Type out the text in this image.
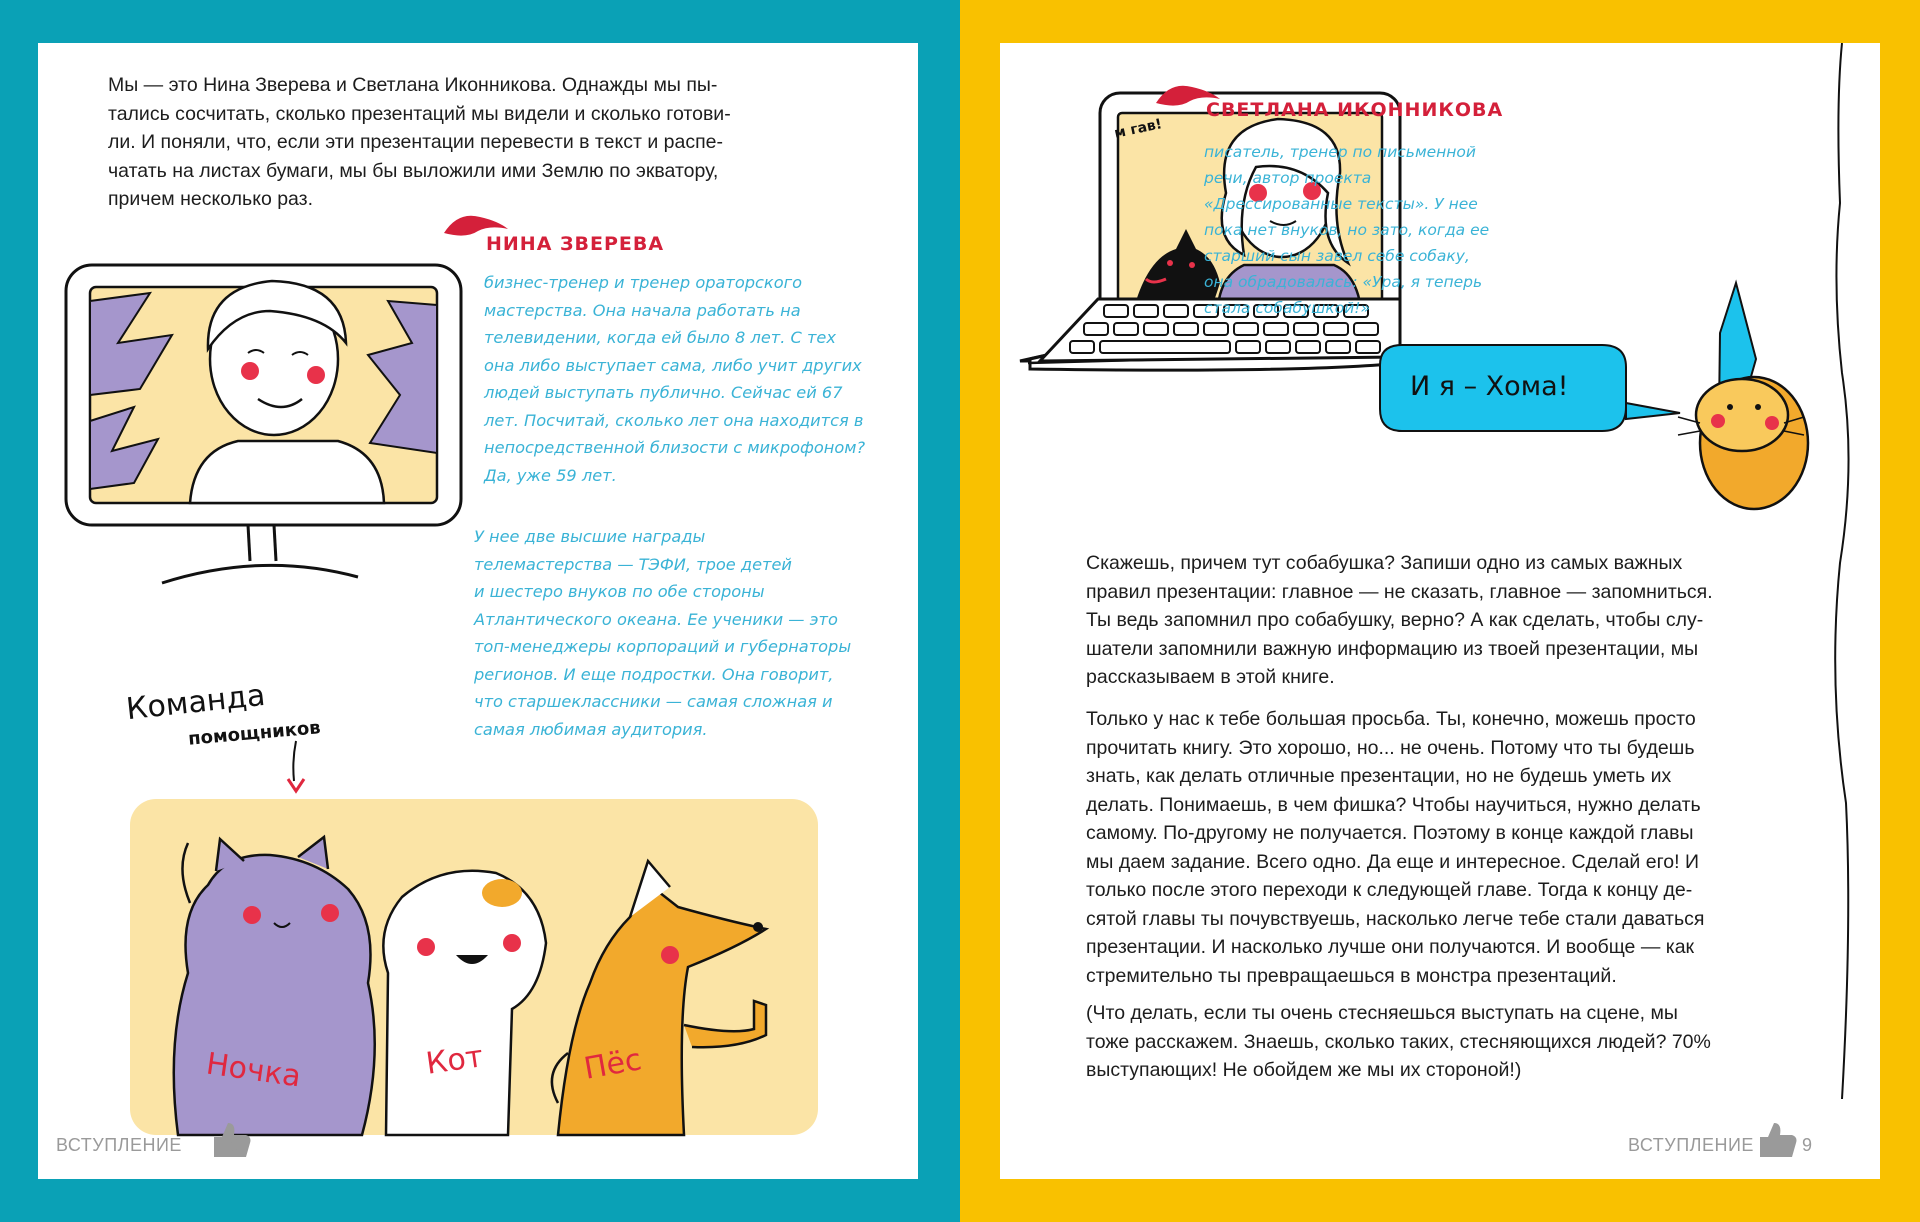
Мы — это Нина Зверева и Светлана Иконникова. Однажды мы пы-
тались сосчитать, сколько презентаций мы видели и сколько готови-
ли. И поняли, что, если эти презентации перевести в текст и распе-
чатать на листах бумаги, мы бы выложили ими Землю по экватору,
причем несколько раз.
НИНА ЗВЕРЕВА
бизнес-тренер и тренер ораторского
мастерства. Она начала работать на
телевидении, когда ей было 8 лет. С тех
она либо выступает сама, либо учит других
людей выступать публично. Сейчас ей 67
лет. Посчитай, сколько лет она находится в
непосредственной близости с микрофоном?
Да, уже 59 лет.
У нее две высшие награды
телемастерства — ТЭФИ, трое детей
и шестеро внуков по обе стороны
Атлантического океана. Ее ученики — это
топ-менеджеры корпораций и губернаторы
регионов. И еще подростки. Она говорит,
что старшеклассники — самая сложная и
самая любимая аудитория.
Команда
помощников
Ночка	Кот	Пёс
ВСТУПЛЕНИЕ	8
СВЕТЛАНА ИКОННИКОВА
м гав!
писатель, тренер по письменной
речи, автор проекта
«Дрессированные тексты». У нее
пока нет внуков, но зато, когда ее
старший сын завел себе собаку,
она обрадовалась: «Ура, я теперь
стала собабушкой!»
И я – Хома!
Скажешь, причем тут собабушка? Запиши одно из самых важных
правил презентации: главное — не сказать, главное — запомниться.
Ты ведь запомнил про собабушку, верно? А как сделать, чтобы слу-
шатели запомнили важную информацию из твоей презентации, мы
рассказываем в этой книге.
Только у нас к тебе большая просьба. Ты, конечно, можешь просто
прочитать книгу. Это хорошо, но... не очень. Потому что ты будешь
знать, как делать отличные презентации, но не будешь уметь их
делать. Понимаешь, в чем фишка? Чтобы научиться, нужно делать
самому. По-другому не получается. Поэтому в конце каждой главы
мы даем задание. Всего одно. Да еще и интересное. Сделай его! И
только после этого переходи к следующей главе. Тогда к концу де-
сятой главы ты почувствуешь, насколько легче тебе стали даваться
презентации. И насколько лучше они получаются. И вообще — как
стремительно ты превращаешься в монстра презентаций.
(Что делать, если ты очень стесняешься выступать на сцене, мы
тоже расскажем. Знаешь, сколько таких, стесняющихся людей? 70%
выступающих! Не обойдем же мы их стороной!)
ВСТУПЛЕНИЕ	9
